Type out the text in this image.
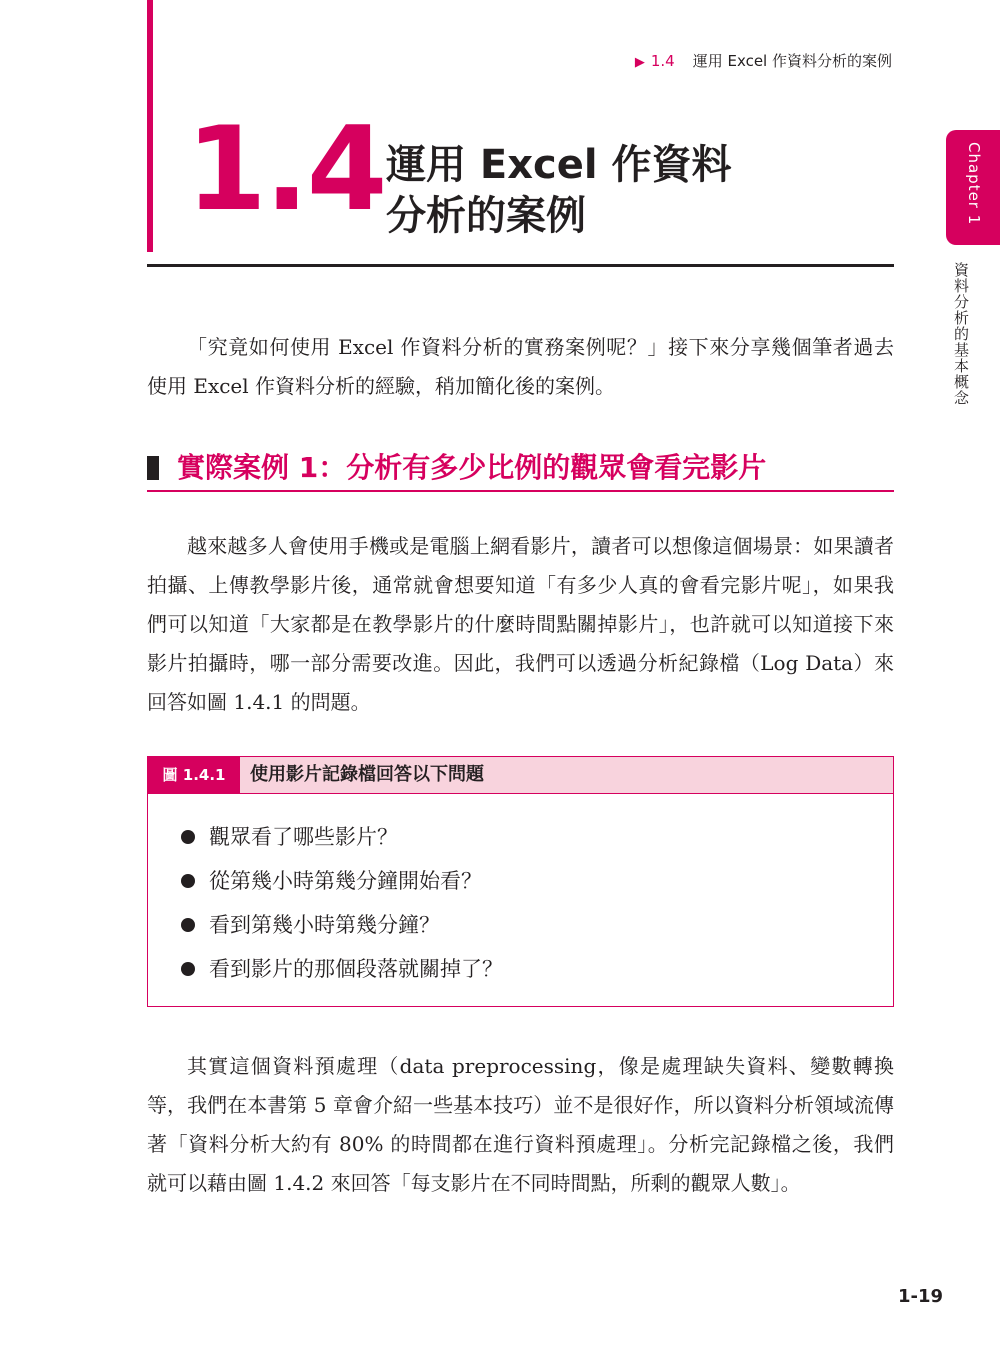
▶ 1.4 運用 Excel 作資料分析的案例
1.4 運用 Excel 作資料
分析的案例	Chapter 1
資料分析的基本概念

「究竟如何使用 Excel 作資料分析的實務案例呢？」接下來分享幾個筆者過去使用 Excel 作資料分析的經驗，稍加簡化後的案例。

實際案例 1：分析有多少比例的觀眾會看完影片

越來越多人會使用手機或是電腦上網看影片，讀者可以想像這個場景：如果讀者拍攝、上傳教學影片後，通常就會想要知道「有多少人真的會看完影片呢」，如果我們可以知道「大家都是在教學影片的什麼時間點關掉影片」，也許就可以知道接下來影片拍攝時，哪一部分需要改進。因此，我們可以透過分析紀錄檔（Log Data）來回答如圖 1.4.1 的問題。

圖 1.4.1	使用影片記錄檔回答以下問題
觀眾看了哪些影片？
從第幾小時第幾分鐘開始看？
看到第幾小時第幾分鐘？
看到影片的那個段落就關掉了？

其實這個資料預處理（data preprocessing，像是處理缺失資料、變數轉換等，我們在本書第 5 章會介紹一些基本技巧）並不是很好作，所以資料分析領域流傳著「資料分析大約有 80% 的時間都在進行資料預處理」。分析完記錄檔之後，我們就可以藉由圖 1.4.2 來回答「每支影片在不同時間點，所剩的觀眾人數」。

1-19
